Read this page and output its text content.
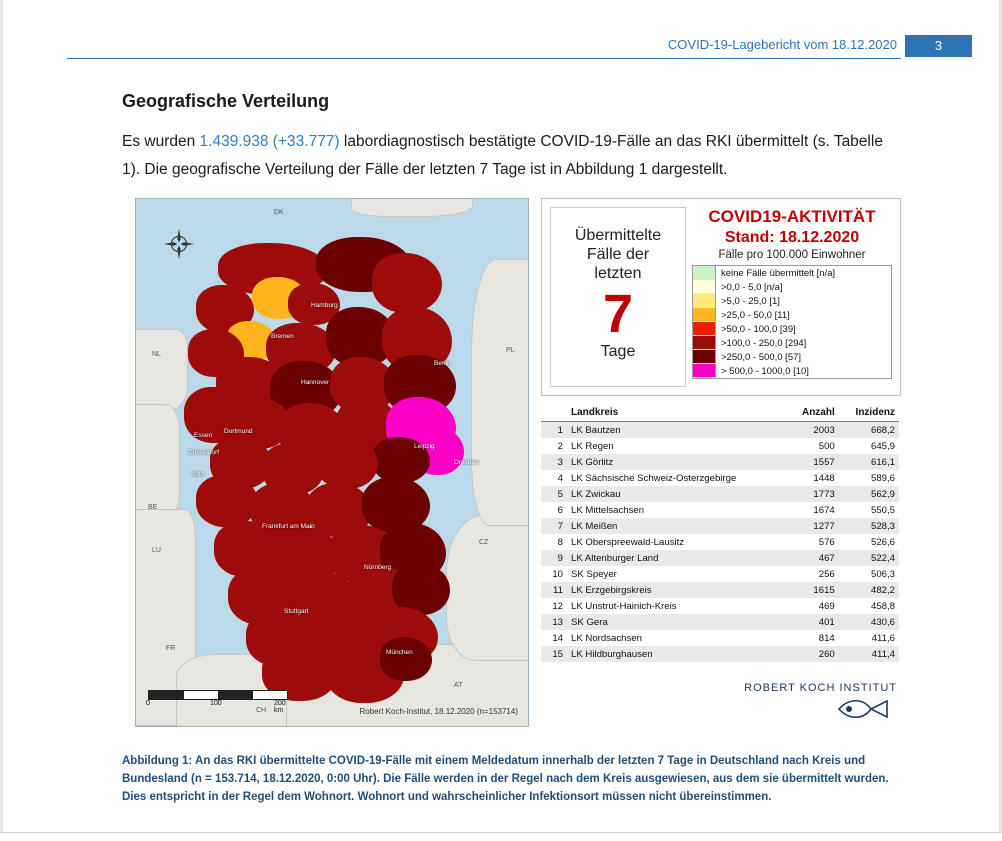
COVID-19-Lagebericht vom 18.12.2020	3
Geografische Verteilung
Es wurden 1.439.938 (+33.777) labordiagnostisch bestätigte COVID-19-Fälle an das RKI übermittelt (s. Tabelle 1). Die geografische Verteilung der Fälle der letzten 7 Tage ist in Abbildung 1 dargestellt.
Hamburg
Bremen
Hannover
Berlin
Essen
Dortmund
Düsseldorf
Köln
Leipzig
Dresden
Frankfurt am Main
Nürnberg
Stuttgart
München
DK
NL
BE
LU
FR
CH
AT
CZ
PL
0	100	200 km	Robert Koch-Institut, 18.12.2020 (n=153714)
Übermittelte
Fälle der
letzten
7
Tage
COVID19-AKTIVITÄT
Stand: 18.12.2020
Fälle pro 100.000 Einwohner
keine Fälle übermittelt [n/a]
>0,0 - 5,0 [n/a]
>5,0 - 25,0 [1]
>25,0 - 50,0 [11]
>50,0 - 100,0 [39]
>100,0 - 250,0 [294]
>250,0 - 500,0 [57]
> 500,0 - 1000,0 [10]
	Landkreis	Anzahl	Inzidenz
1	LK Bautzen	2003	668,2
2	LK Regen	500	645,9
3	LK Görlitz	1557	616,1
4	LK Sächsische Schweiz-Osterzgebirge	1448	589,6
5	LK Zwickau	1773	562,9
6	LK Mittelsachsen	1674	550,5
7	LK Meißen	1277	528,3
8	LK Oberspreewald-Lausitz	576	526,6
9	LK Altenburger Land	467	522,4
10	SK Speyer	256	506,3
11	LK Erzgebirgskreis	1615	482,2
12	LK Unstrut-Hainich-Kreis	469	458,8
13	SK Gera	401	430,6
14	LK Nordsachsen	814	411,6
15	LK Hildburghausen	260	411,4
ROBERT KOCH INSTITUT
Abbildung 1: An das RKI übermittelte COVID-19-Fälle mit einem Meldedatum innerhalb der letzten 7 Tage in Deutschland nach Kreis und Bundesland (n = 153.714, 18.12.2020, 0:00 Uhr). Die Fälle werden in der Regel nach dem Kreis ausgewiesen, aus dem sie übermittelt wurden. Dies entspricht in der Regel dem Wohnort. Wohnort und wahrscheinlicher Infektionsort müssen nicht übereinstimmen.
